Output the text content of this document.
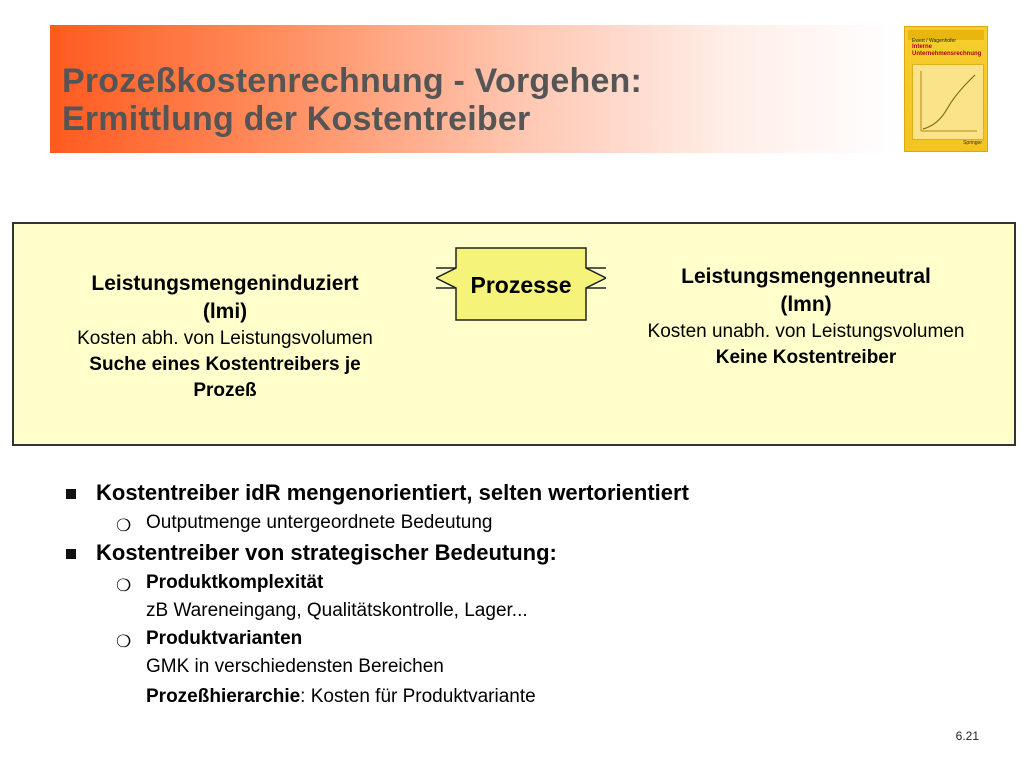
Prozeßkostenrechnung - Vorgehen:
Ermittlung der Kostentreiber
Ewert / Wagenhofer
Interne
Unternehmensrechnung
Springer
Leistungsmengeninduziert
(lmi)
Kosten abh. von Leistungsvolumen
Suche eines Kostentreibers je
Prozeß
Prozesse	Leistungsmengenneutral
(lmn)
Kosten unabh. von Leistungsvolumen
Keine Kostentreiber
Kostentreiber idR mengenorientiert, selten wertorientiert
❍ Outputmenge untergeordnete Bedeutung
Kostentreiber von strategischer Bedeutung:
❍ Produktkomplexität
zB Wareneingang, Qualitätskontrolle, Lager...
❍ Produktvarianten
GMK in verschiedensten Bereichen
Prozeßhierarchie: Kosten für Produktvariante
6.21
